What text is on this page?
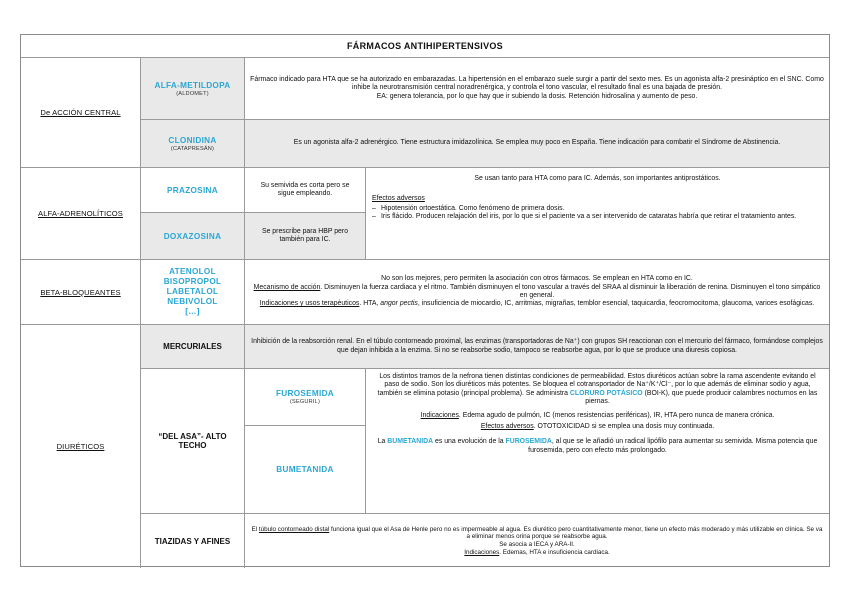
FÁRMACOS ANTIHIPERTENSIVOS
De ACCIÓN CENTRAL
ALFA-METILDOPA
(ALDOMET)
Fármaco indicado para HTA que se ha autorizado en embarazadas. La hipertensión en el embarazo suele surgir a partir del sexto mes. Es un agonista alfa-2 presináptico en el SNC. Como inhibe la neurotransmisión central noradrenérgica, y controla el tono vascular, el resultado final es una bajada de presión.
EA: genera tolerancia, por lo que hay que ir subiendo la dosis. Retención hidrosalina y aumento de peso.
CLONIDINA
(CATAPRESÁN)
Es un agonista alfa-2 adrenérgico. Tiene estructura imidazolínica. Se emplea muy poco en España. Tiene indicación para combatir el Síndrome de Abstinencia.
ALFA-ADRENOLÍTICOS
PRAZOSINA
Su semivida es corta pero se sigue empleando.
DOXAZOSINA
Se prescribe para HBP pero también para IC.
Se usan tanto para HTA como para IC. Además, son importantes antiprostáticos.
Efectos adversos
– Hipotensión ortoestática. Como fenómeno de primera dosis.
– Iris flácido. Producen relajación del iris, por lo que si el paciente va a ser intervenido de cataratas habría que retirar el tratamiento antes.
BETA-BLOQUEANTES
ATENOLOL
BISOPROPOL
LABETALOL
NEBIVOLOL
[…]
No son los mejores, pero permiten la asociación con otros fármacos. Se emplean en HTA como en IC.
Mecanismo de acción. Disminuyen la fuerza cardiaca y el ritmo. También disminuyen el tono vascular a través del SRAA al disminuir la liberación de renina. Disminuyen el tono simpático en general.
Indicaciones y usos terapéuticos. HTA, angor pectis, insuficiencia de miocardio, IC, arritmias, migrañas, temblor esencial, taquicardia, feocromocitoma, glaucoma, varices esofágicas.
DIURÉTICOS
MERCURIALES
Inhibición de la reabsorción renal. En el túbulo contorneado proximal, las enzimas (transportadoras de Na⁺) con grupos SH reaccionan con el mercurio del fármaco, formándose complejos que dejan inhibida a la enzima. Si no se reabsorbe sodio, tampoco se reabsorbe agua, por lo que se produce una diuresis copiosa.
“DEL ASA”- ALTO TECHO
FUROSEMIDA
(SEGURIL)
BUMETANIDA
Los distintos tramos de la nefrona tienen distintas condiciones de permeabilidad. Estos diuréticos actúan sobre la rama ascendente evitando el paso de sodio. Son los diuréticos más potentes. Se bloquea el cotransportador de Na⁺/K⁺/Cl⁻, por lo que además de eliminar sodio y agua, también se elimina potasio (principal problema). Se administra CLORURO POTÁSICO (BOI-K), que puede producir calambres nocturnos en las piernas.
Indicaciones. Edema agudo de pulmón, IC (menos resistencias periféricas), IR, HTA pero nunca de manera crónica.
Efectos adversos. OTOTOXICIDAD si se emplea una dosis muy continuada.
La BUMETANIDA es una evolución de la FUROSEMIDA, al que se le añadió un radical lipófilo para aumentar su semivida. Misma potencia que furosemida, pero con efecto más prolongado.
TIAZIDAS Y AFINES
El túbulo contorneado distal funciona igual que el Asa de Henle pero no es impermeable al agua. Es diurético pero cuantitativamente menor, tiene un efecto más moderado y más utilizable en clínica. Se va a eliminar menos orina porque se reabsorbe agua.
Se asocia a IECA y ARA-II.
Indicaciones. Edemas, HTA e insuficiencia cardiaca.
